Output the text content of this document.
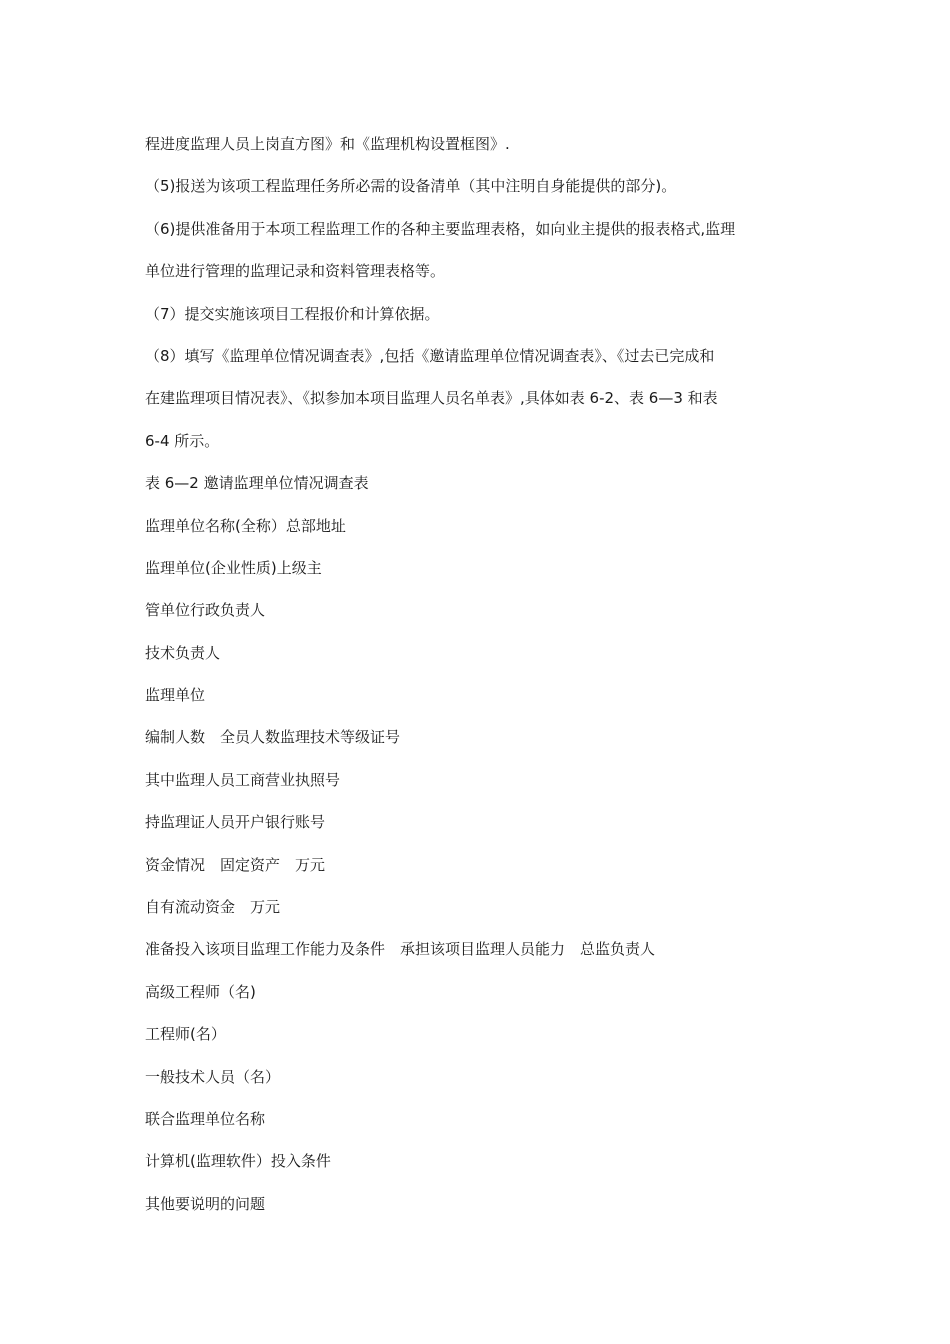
程进度监理人员上岗直方图》和《监理机构设置框图》.
（5)报送为该项工程监理任务所必需的设备清单（其中注明自身能提供的部分)。
（6)提供准备用于本项工程监理工作的各种主要监理表格，如向业主提供的报表格式,监理
单位进行管理的监理记录和资料管理表格等。
（7）提交实施该项目工程报价和计算依据。
（8）填写《监理单位情况调查表》,包括《邀请监理单位情况调查表》、《过去已完成和
在建监理项目情况表》、《拟参加本项目监理人员名单表》,具体如表 6-2、表 6—3 和表
6-4 所示。
表 6—2 邀请监理单位情况调查表
监理单位名称(全称）总部地址
监理单位(企业性质)上级主
管单位行政负责人
技术负责人
监理单位
编制人数　全员人数监理技术等级证号
其中监理人员工商营业执照号
持监理证人员开户银行账号
资金情况　固定资产　万元
自有流动资金　万元
准备投入该项目监理工作能力及条件　承担该项目监理人员能力　总监负责人
高级工程师（名)
工程师(名）
一般技术人员（名）
联合监理单位名称
计算机(监理软件）投入条件
其他要说明的问题
